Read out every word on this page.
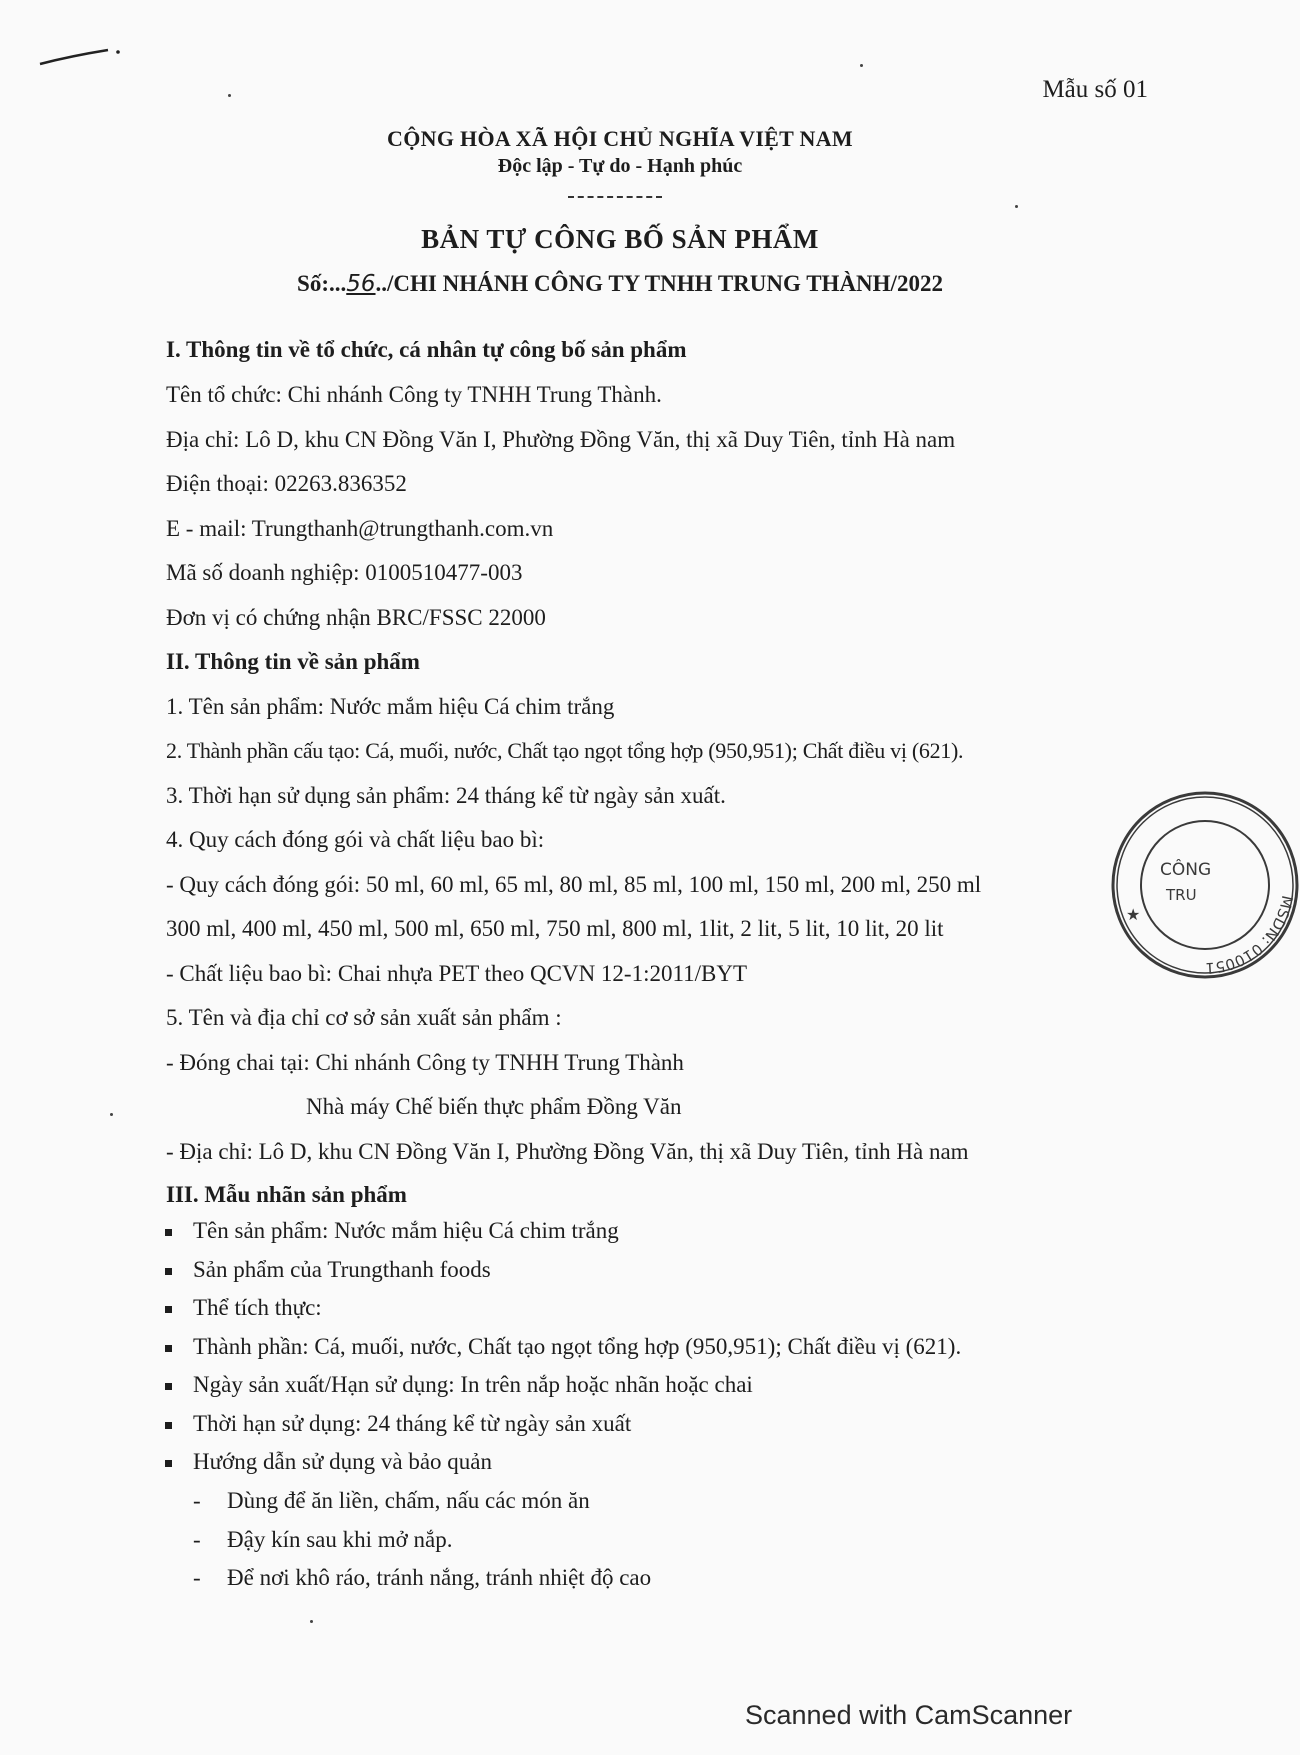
Mẫu số 01
CỘNG HÒA XÃ HỘI CHỦ NGHĨA VIỆT NAM
Độc lập - Tự do - Hạnh phúc
BẢN TỰ CÔNG BỐ SẢN PHẨM
Số:...56../CHI NHÁNH CÔNG TY TNHH TRUNG THÀNH/2022
I. Thông tin về tổ chức, cá nhân tự công bố sản phẩm
Tên tổ chức: Chi nhánh Công ty TNHH Trung Thành.
Địa chỉ: Lô D, khu CN Đồng Văn I, Phường Đồng Văn, thị xã Duy Tiên, tỉnh Hà nam
Điện thoại: 02263.836352
E - mail: Trungthanh@trungthanh.com.vn
Mã số doanh nghiệp: 0100510477-003
Đơn vị có chứng nhận BRC/FSSC 22000
II. Thông tin về sản phẩm
1. Tên sản phẩm: Nước mắm hiệu Cá chim trắng
2. Thành phần cấu tạo: Cá, muối, nước, Chất tạo ngọt tổng hợp (950,951); Chất điều vị (621).
3. Thời hạn sử dụng sản phẩm: 24 tháng kể từ ngày sản xuất.
4. Quy cách đóng gói và chất liệu bao bì:
- Quy cách đóng gói: 50 ml, 60 ml, 65 ml, 80 ml, 85 ml, 100 ml, 150 ml, 200 ml, 250 ml
300 ml, 400 ml, 450 ml, 500 ml, 650 ml, 750 ml, 800 ml, 1lit, 2 lit, 5 lit, 10 lit, 20 lit
- Chất liệu bao bì: Chai nhựa PET theo QCVN 12-1:2011/BYT
5. Tên và địa chỉ cơ sở sản xuất sản phẩm :
- Đóng chai tại: Chi nhánh Công ty TNHH Trung Thành
Nhà máy Chế biến thực phẩm Đồng Văn
- Địa chỉ: Lô D, khu CN Đồng Văn I, Phường Đồng Văn, thị xã Duy Tiên, tỉnh Hà nam
III. Mẫu nhãn sản phẩm
Tên sản phẩm: Nước mắm hiệu Cá chim trắng
Sản phẩm của Trungthanh foods
Thể tích thực:
Thành phần: Cá, muối, nước, Chất tạo ngọt tổng hợp (950,951); Chất điều vị (621).
Ngày sản xuất/Hạn sử dụng: In trên nắp hoặc nhãn hoặc chai
Thời hạn sử dụng: 24 tháng kể từ ngày sản xuất
Hướng dẫn sử dụng và bảo quản
- Dùng để ăn liền, chấm, nấu các món ăn
- Đậy kín sau khi mở nắp.
- Để nơi khô ráo, tránh nắng, tránh nhiệt độ cao
MSDN: 010051
CÔNG
TRU
★
Scanned with CamScanner
